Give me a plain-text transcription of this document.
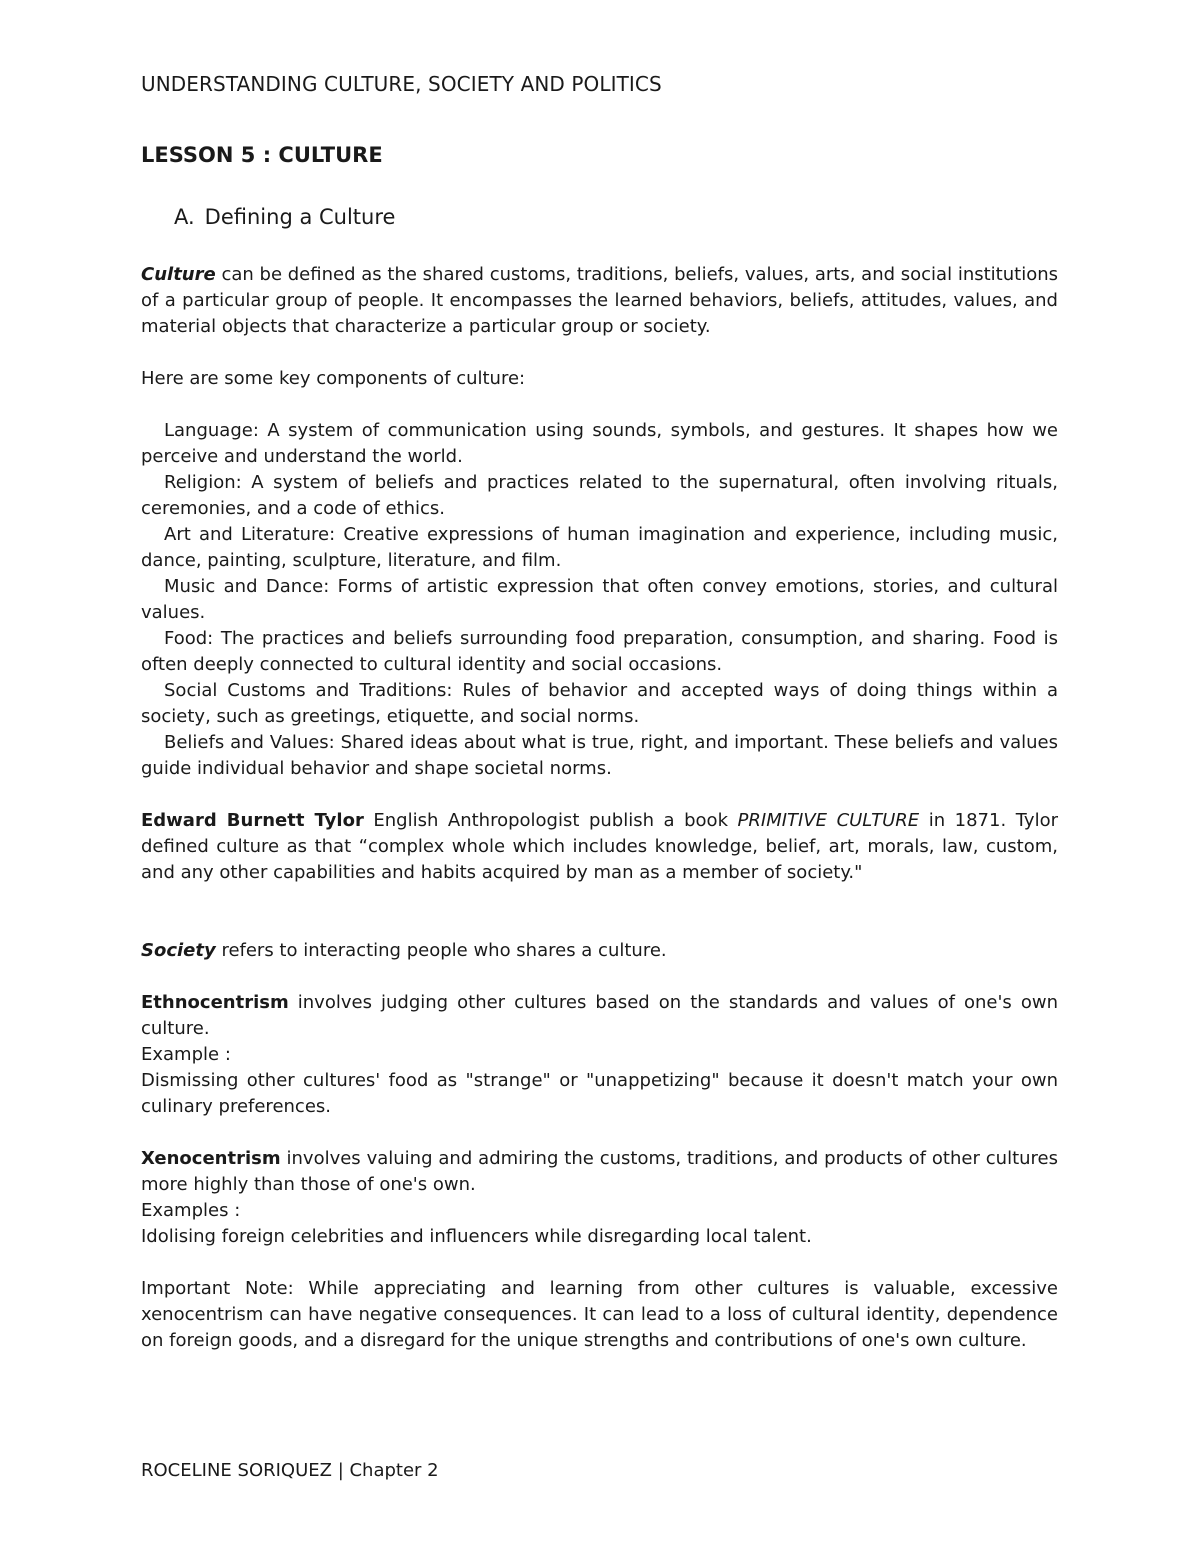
UNDERSTANDING CULTURE, SOCIETY AND POLITICS
LESSON 5 : CULTURE
A. Defining a Culture

Culture can be defined as the shared customs, traditions, beliefs, values, arts, and social institutions of a particular group of people. It encompasses the learned behaviors, beliefs, attitudes, values, and material objects that characterize a particular group or society.

Here are some key components of culture:

Language: A system of communication using sounds, symbols, and gestures. It shapes how we perceive and understand the world.

Religion: A system of beliefs and practices related to the supernatural, often involving rituals, ceremonies, and a code of ethics.

Art and Literature: Creative expressions of human imagination and experience, including music, dance, painting, sculpture, literature, and film.

Music and Dance: Forms of artistic expression that often convey emotions, stories, and cultural values.

Food: The practices and beliefs surrounding food preparation, consumption, and sharing. Food is often deeply connected to cultural identity and social occasions.

Social Customs and Traditions: Rules of behavior and accepted ways of doing things within a society, such as greetings, etiquette, and social norms.

Beliefs and Values: Shared ideas about what is true, right, and important. These beliefs and values guide individual behavior and shape societal norms.

Edward Burnett Tylor English Anthropologist publish a book PRIMITIVE CULTURE in 1871. Tylor defined culture as that “complex whole which includes knowledge, belief, art, morals, law, custom, and any other capabilities and habits acquired by man as a member of society."

Society refers to interacting people who shares a culture.

Ethnocentrism involves judging other cultures based on the standards and values of one's own culture.

Example :

Dismissing other cultures' food as "strange" or "unappetizing" because it doesn't match your own culinary preferences.

Xenocentrism involves valuing and admiring the customs, traditions, and products of other cultures more highly than those of one's own.

Examples :

Idolising foreign celebrities and influencers while disregarding local talent.

Important Note: While appreciating and learning from other cultures is valuable, excessive xenocentrism can have negative consequences. It can lead to a loss of cultural identity, dependence on foreign goods, and a disregard for the unique strengths and contributions of one's own culture.

ROCELINE SORIQUEZ | Chapter 2
